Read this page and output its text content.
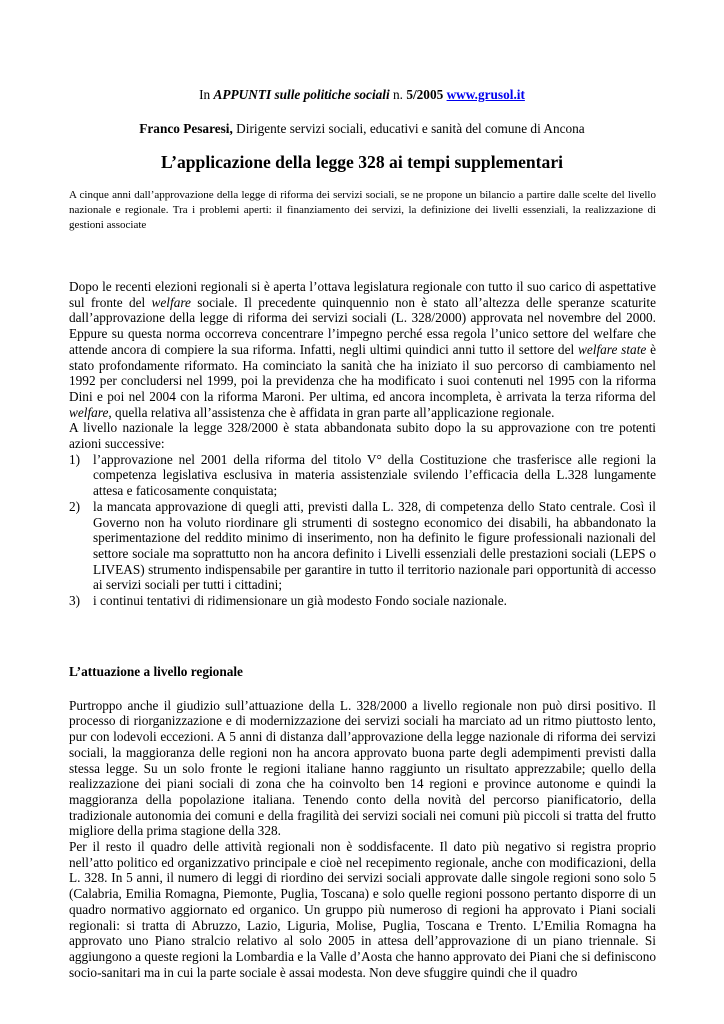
In APPUNTI sulle politiche sociali n. 5/2005 www.grusol.it
Franco Pesaresi, Dirigente servizi sociali, educativi e sanità del comune di Ancona
L’applicazione della legge 328 ai tempi supplementari
A cinque anni dall’approvazione della legge di riforma dei servizi sociali, se ne propone un bilancio a partire dalle scelte del livello nazionale e regionale. Tra i problemi aperti: il finanziamento dei servizi, la definizione dei livelli essenziali, la realizzazione di gestioni associate

Dopo le recenti elezioni regionali si è aperta l’ottava legislatura regionale con tutto il suo carico di aspettative sul fronte del welfare sociale. Il precedente quinquennio non è stato all’altezza delle speranze scaturite dall’approvazione della legge di riforma dei servizi sociali (L. 328/2000) approvata nel novembre del 2000. Eppure su questa norma occorreva concentrare l’impegno perché essa regola l’unico settore del welfare che attende ancora di compiere la sua riforma. Infatti, negli ultimi quindici anni tutto il settore del welfare state è stato profondamente riformato. Ha cominciato la sanità che ha iniziato il suo percorso di cambiamento nel 1992 per concludersi nel 1999, poi la previdenza che ha modificato i suoi contenuti nel 1995 con la riforma Dini e poi nel 2004 con la riforma Maroni. Per ultima, ed ancora incompleta, è arrivata la terza riforma del welfare, quella relativa all’assistenza che è affidata in gran parte all’applicazione regionale.

A livello nazionale la legge 328/2000 è stata abbandonata subito dopo la su approvazione con tre potenti azioni successive:

1) l’approvazione nel 2001 della riforma del titolo V° della Costituzione che trasferisce alle regioni la competenza legislativa esclusiva in materia assistenziale svilendo l’efficacia della L.328 lungamente attesa e faticosamente conquistata;
2) la mancata approvazione di quegli atti, previsti dalla L. 328, di competenza dello Stato centrale. Così il Governo non ha voluto riordinare gli strumenti di sostegno economico dei disabili, ha abbandonato la sperimentazione del reddito minimo di inserimento, non ha definito le figure professionali nazionali del settore sociale ma soprattutto non ha ancora definito i Livelli essenziali delle prestazioni sociali (LEPS o LIVEAS) strumento indispensabile per garantire in tutto il territorio nazionale pari opportunità di accesso ai servizi sociali per tutti i cittadini;
3) i continui tentativi di ridimensionare un già modesto Fondo sociale nazionale.
L’attuazione a livello regionale

Purtroppo anche il giudizio sull’attuazione della L. 328/2000 a livello regionale non può dirsi positivo. Il processo di riorganizzazione e di modernizzazione dei servizi sociali ha marciato ad un ritmo piuttosto lento, pur con lodevoli eccezioni. A 5 anni di distanza dall’approvazione della legge nazionale di riforma dei servizi sociali, la maggioranza delle regioni non ha ancora approvato buona parte degli adempimenti previsti dalla stessa legge. Su un solo fronte le regioni italiane hanno raggiunto un risultato apprezzabile; quello della realizzazione dei piani sociali di zona che ha coinvolto ben 14 regioni e province autonome e quindi la maggioranza della popolazione italiana. Tenendo conto della novità del percorso pianificatorio, della tradizionale autonomia dei comuni e della fragilità dei servizi sociali nei comuni più piccoli si tratta del frutto migliore della prima stagione della 328.

Per il resto il quadro delle attività regionali non è soddisfacente. Il dato più negativo si registra proprio nell’atto politico ed organizzativo principale e cioè nel recepimento regionale, anche con modificazioni, della L. 328. In 5 anni, il numero di leggi di riordino dei servizi sociali approvate dalle singole regioni sono solo 5 (Calabria, Emilia Romagna, Piemonte, Puglia, Toscana) e solo quelle regioni possono pertanto disporre di un quadro normativo aggiornato ed organico. Un gruppo più numeroso di regioni ha approvato i Piani sociali regionali: si tratta di Abruzzo, Lazio, Liguria, Molise, Puglia, Toscana e Trento. L’Emilia Romagna ha approvato uno Piano stralcio relativo al solo 2005 in attesa dell’approvazione di un piano triennale. Si aggiungono a queste regioni la Lombardia e la Valle d’Aosta che hanno approvato dei Piani che si definiscono socio-sanitari ma in cui la parte sociale è assai modesta. Non deve sfuggire quindi che il quadro
